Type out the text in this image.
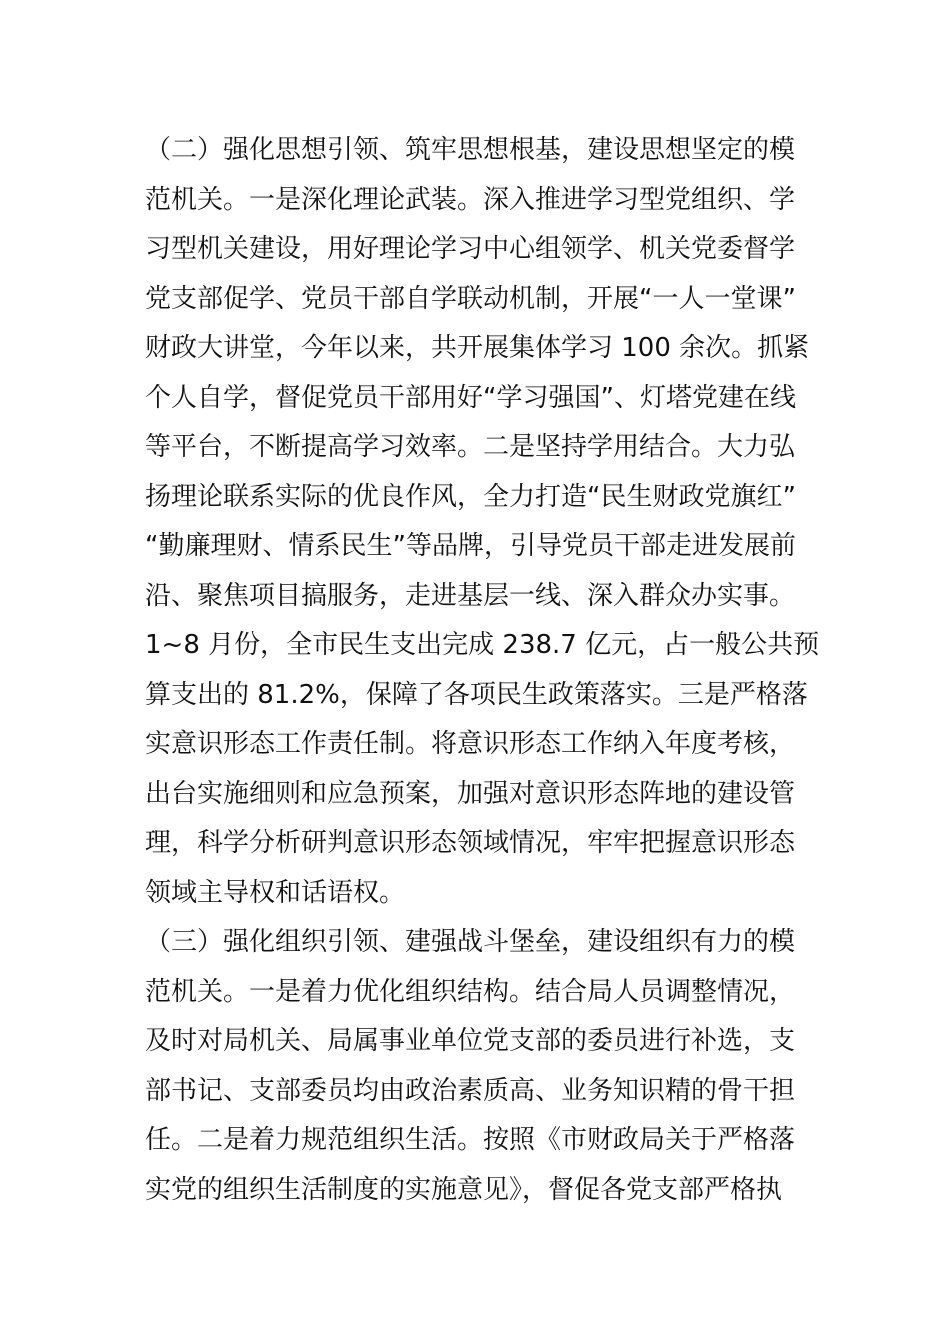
（二）强化思想引领、筑牢思想根基，建设思想坚定的模
范机关。一是深化理论武装。深入推进学习型党组织、学
习型机关建设，用好理论学习中心组领学、机关党委督学
党支部促学、党员干部自学联动机制，开展“一人一堂课”
财政大讲堂，今年以来，共开展集体学习 100 余次。抓紧
个人自学，督促党员干部用好“学习强国”、灯塔党建在线
等平台，不断提高学习效率。二是坚持学用结合。大力弘
扬理论联系实际的优良作风，全力打造“民生财政党旗红”
“勤廉理财、情系民生”等品牌，引导党员干部走进发展前
沿、聚焦项目搞服务，走进基层一线、深入群众办实事。
1~8 月份，全市民生支出完成 238.7 亿元，占一般公共预
算支出的 81.2%，保障了各项民生政策落实。三是严格落
实意识形态工作责任制。将意识形态工作纳入年度考核，
出台实施细则和应急预案，加强对意识形态阵地的建设管
理，科学分析研判意识形态领域情况，牢牢把握意识形态
领域主导权和话语权。
（三）强化组织引领、建强战斗堡垒，建设组织有力的模
范机关。一是着力优化组织结构。结合局人员调整情况，
及时对局机关、局属事业单位党支部的委员进行补选，支
部书记、支部委员均由政治素质高、业务知识精的骨干担
任。二是着力规范组织生活。按照《市财政局关于严格落
实党的组织生活制度的实施意见》，督促各党支部严格执
